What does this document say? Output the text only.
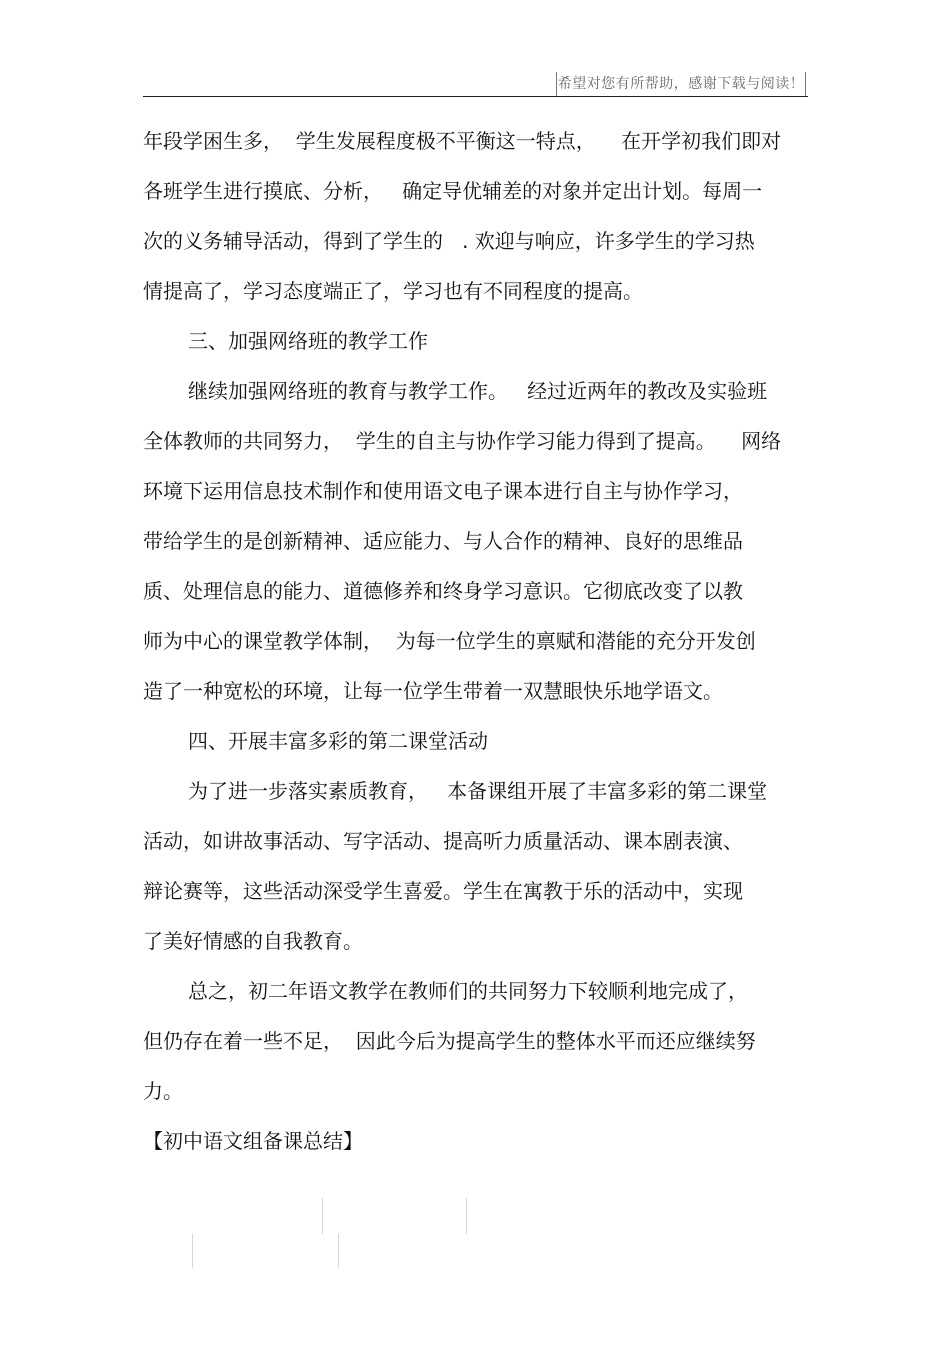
希望对您有所帮助，感谢下载与阅读！
年段学困生多，  学生发展程度极不平衡这一特点，    在开学初我们即对
各班学生进行摸底、分析，   确定导优辅差的对象并定出计划。每周一
次的义务辅导活动，得到了学生的   . 欢迎与响应，许多学生的学习热
情提高了，学习态度端正了，学习也有不同程度的提高。
三、加强网络班的教学工作
继续加强网络班的教育与教学工作。   经过近两年的教改及实验班
全体教师的共同努力，  学生的自主与协作学习能力得到了提高。    网络
环境下运用信息技术制作和使用语文电子课本进行自主与协作学习，
带给学生的是创新精神、适应能力、与人合作的精神、良好的思维品
质、处理信息的能力、道德修养和终身学习意识。它彻底改变了以教
师为中心的课堂教学体制，  为每一位学生的禀赋和潜能的充分开发创
造了一种宽松的环境，让每一位学生带着一双慧眼快乐地学语文。
四、开展丰富多彩的第二课堂活动
为了进一步落实素质教育，   本备课组开展了丰富多彩的第二课堂
活动，如讲故事活动、写字活动、提高听力质量活动、课本剧表演、
辩论赛等，这些活动深受学生喜爱。学生在寓教于乐的活动中，实现
了美好情感的自我教育。
总之，初二年语文教学在教师们的共同努力下较顺利地完成了，
但仍存在着一些不足，  因此今后为提高学生的整体水平而还应继续努
力。
【初中语文组备课总结】
